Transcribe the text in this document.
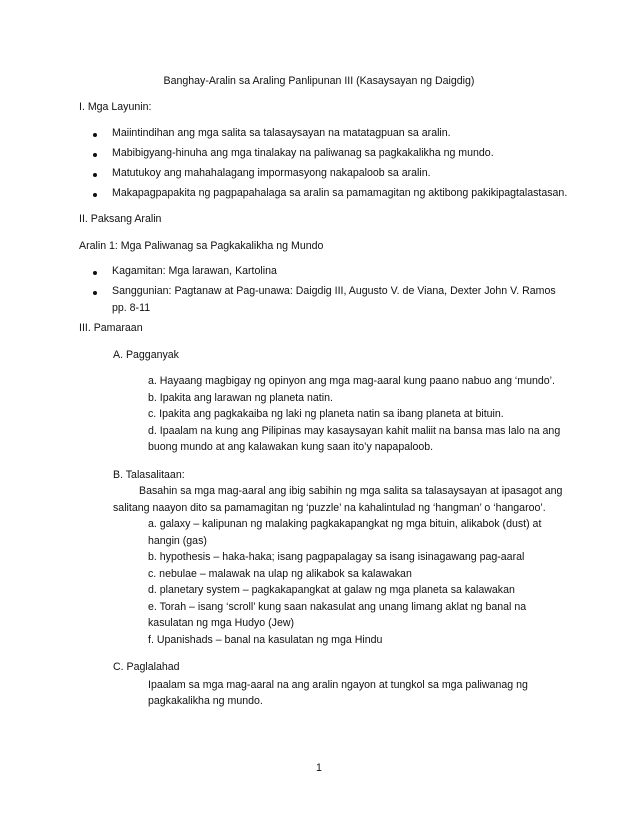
Banghay-Aralin sa Araling Panlipunan III (Kasaysayan ng Daigdig)
I. Mga Layunin:
Maiintindihan ang mga salita sa talasaysayan na matatagpuan sa aralin.
Mabibigyang-hinuha ang mga tinalakay na paliwanag sa pagkakalikha ng mundo.
Matutukoy ang mahahalagang impormasyong nakapaloob sa aralin.
Makapagpapakita ng pagpapahalaga sa aralin sa pamamagitan ng aktibong pakikipagtalastasan.
II. Paksang Aralin
Aralin 1: Mga Paliwanag sa Pagkakalikha ng Mundo
Kagamitan: Mga larawan, Kartolina
Sanggunian: Pagtanaw at Pag-unawa: Daigdig III, Augusto V. de Viana, Dexter John V. Ramos
pp. 8-11
III. Pamaraan
A. Pagganyak
a. Hayaang magbigay ng opinyon ang mga mag-aaral kung paano nabuo ang ‘mundo’.
b. Ipakita ang larawan ng planeta natin.
c. Ipakita ang pagkakaiba ng laki ng planeta natin sa ibang planeta at bituin.
d. Ipaalam na kung ang Pilipinas may kasaysayan kahit maliit na bansa mas lalo na ang
buong mundo at ang kalawakan kung saan ito’y napapaloob.
B. Talasalitaan:
Basahin sa mga mag-aaral ang ibig sabihin ng mga salita sa talasaysayan at ipasagot ang
salitang naayon dito sa pamamagitan ng ‘puzzle’ na kahalintulad ng ‘hangman’ o ‘hangaroo’.
a. galaxy – kalipunan ng malaking pagkakapangkat ng mga bituin, alikabok (dust) at
hangin (gas)
b. hypothesis – haka-haka; isang pagpapalagay sa isang isinagawang pag-aaral
c. nebulae – malawak na ulap ng alikabok sa kalawakan
d. planetary system – pagkakapangkat at galaw ng mga planeta sa kalawakan
e. Torah – isang ‘scroll’ kung saan nakasulat ang unang limang aklat ng banal na
kasulatan ng mga Hudyo (Jew)
f. Upanishads – banal na kasulatan ng mga Hindu
C. Paglalahad
Ipaalam sa mga mag-aaral na ang aralin ngayon at tungkol sa mga paliwanag ng
pagkakalikha ng mundo.
1
